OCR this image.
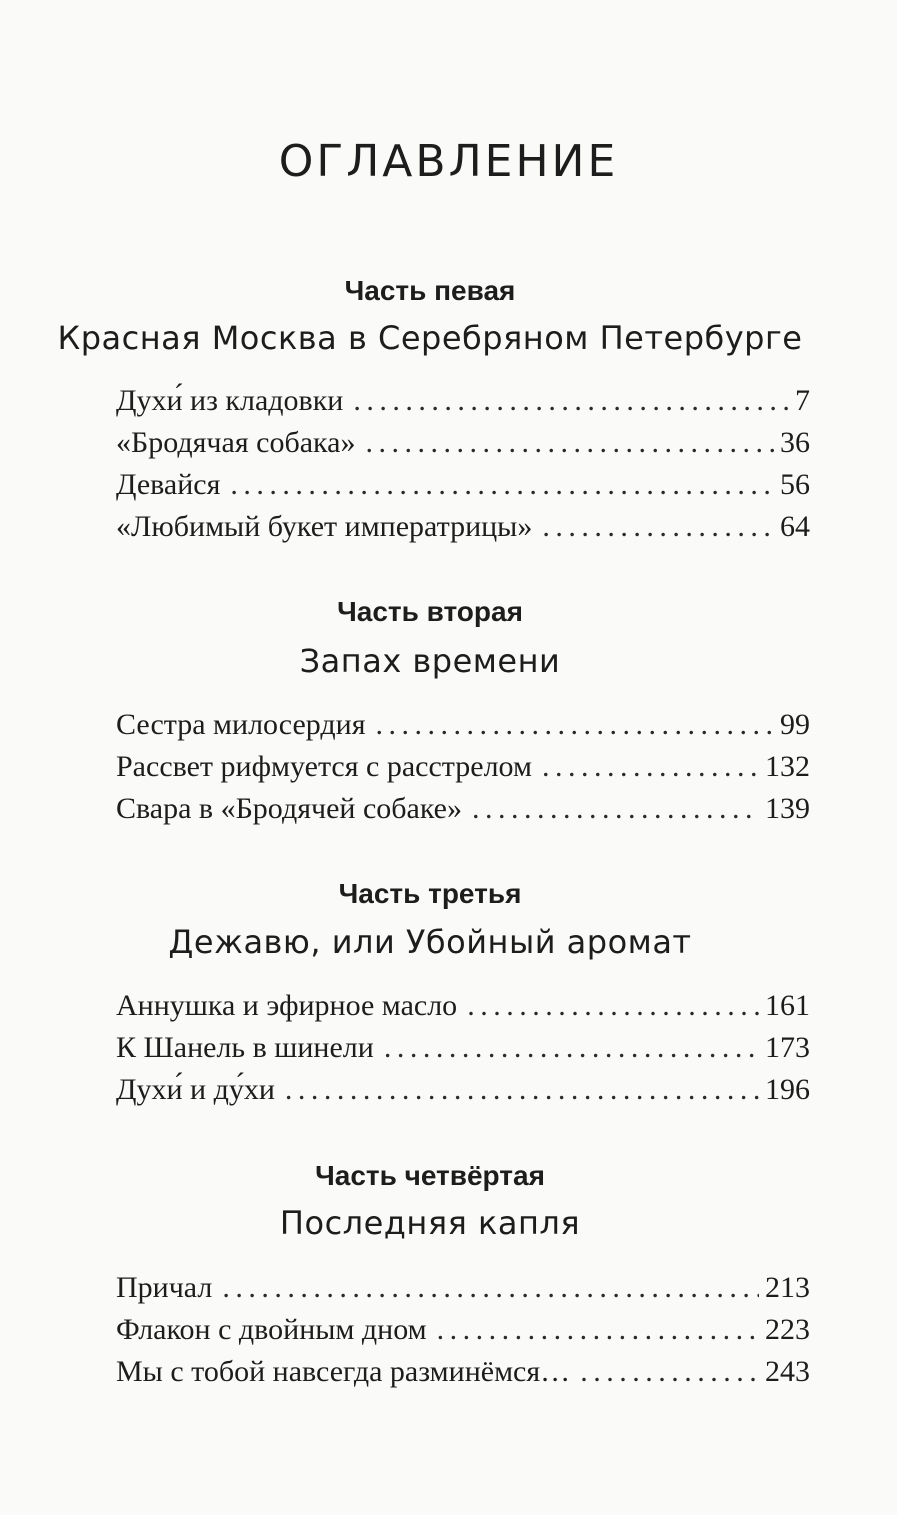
ОГЛАВЛЕНИЕ
Часть певая
Красная Москва в Серебряном Петербурге
Духи́ из кладовки . . .	7
«Бродячая собака» . . .	36
Девайся . . .	56
«Любимый букет императрицы» . . .	64
Часть вторая
Запах времени
Сестра милосердия . . .	99
Рассвет рифмуется с расстрелом . . .	132
Свара в «Бродячей собаке» . . .	139
Часть третья
Дежавю, или Убойный аромат
Аннушка и эфирное масло . . .	161
К Шанель в шинели . . .	173
Духи́ и ду́хи . . .	196
Часть четвёртая
Последняя капля
Причал . . .	213
Флакон с двойным дном . . .	223
Мы с тобой навсегда разминёмся… . . .	243
